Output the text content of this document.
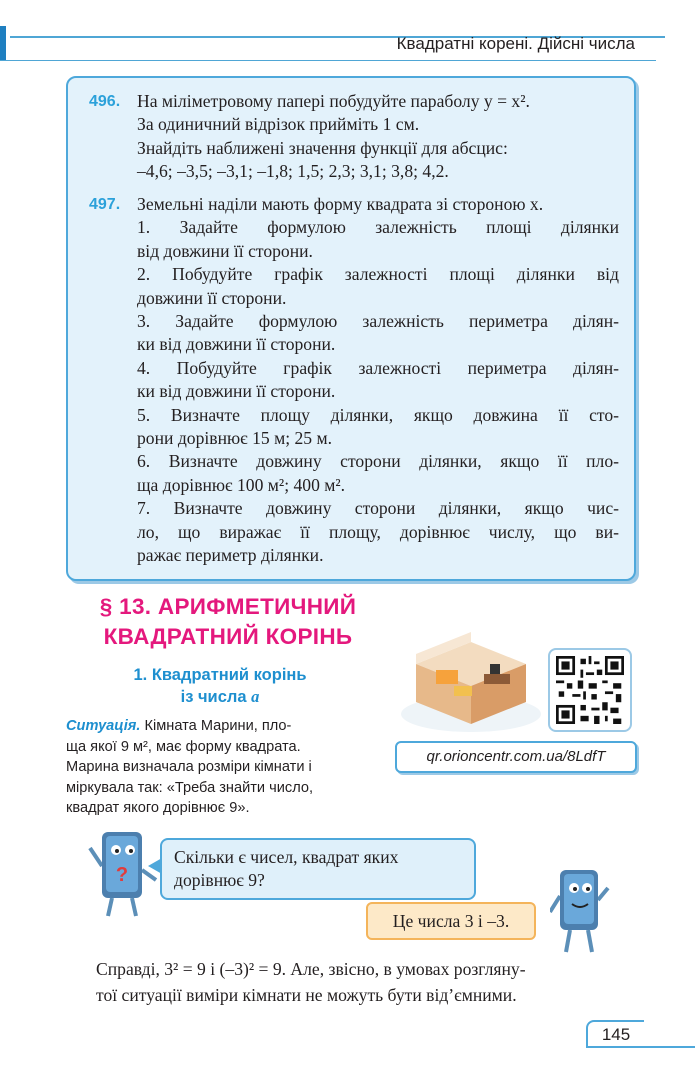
Квадратні корені. Дійсні числа
496. На міліметровому папері побудуйте параболу y = x².
За одиничний відрізок прийміть 1 см.
Знайдіть наближені значення функції для абсцис:
–4,6; –3,5; –3,1; –1,8; 1,5; 2,3; 3,1; 3,8; 4,2.
497. Земельні наділи мають форму квадрата зі стороною x.
1. Задайте формулою залежність площі ділянки
від довжини її сторони.
2. Побудуйте графік залежності площі ділянки від
довжини її сторони.
3. Задайте формулою залежність периметра ділян-
ки від довжини її сторони.
4. Побудуйте графік залежності периметра ділян-
ки від довжини її сторони.
5. Визначте площу ділянки, якщо довжина її сто-
рони дорівнює 15 м; 25 м.
6. Визначте довжину сторони ділянки, якщо її пло-
ща дорівнює 100 м²; 400 м².
7. Визначте довжину сторони ділянки, якщо чис-
ло, що виражає її площу, дорівнює числу, що ви-
ражає периметр ділянки.
§ 13. АРИФМЕТИЧНИЙ
КВАДРАТНИЙ КОРІНЬ
1. Квадратний корінь
із числа a
Ситуація. Кімната Марини, пло-
ща якої 9 м², має форму квадрата.
Марина визначала розміри кімнати і
міркувала так: «Треба знайти число,
квадрат якого дорівнює 9».
qr.orioncentr.com.ua/8LdfT
?
Скільки є чисел, квадрат яких
дорівнює 9?
Це числа 3 і –3.
Справді, 3² = 9 і (–3)² = 9. Але, звісно, в умовах розгляну-
тої ситуації виміри кімнати не можуть бути від’ємними.
145
